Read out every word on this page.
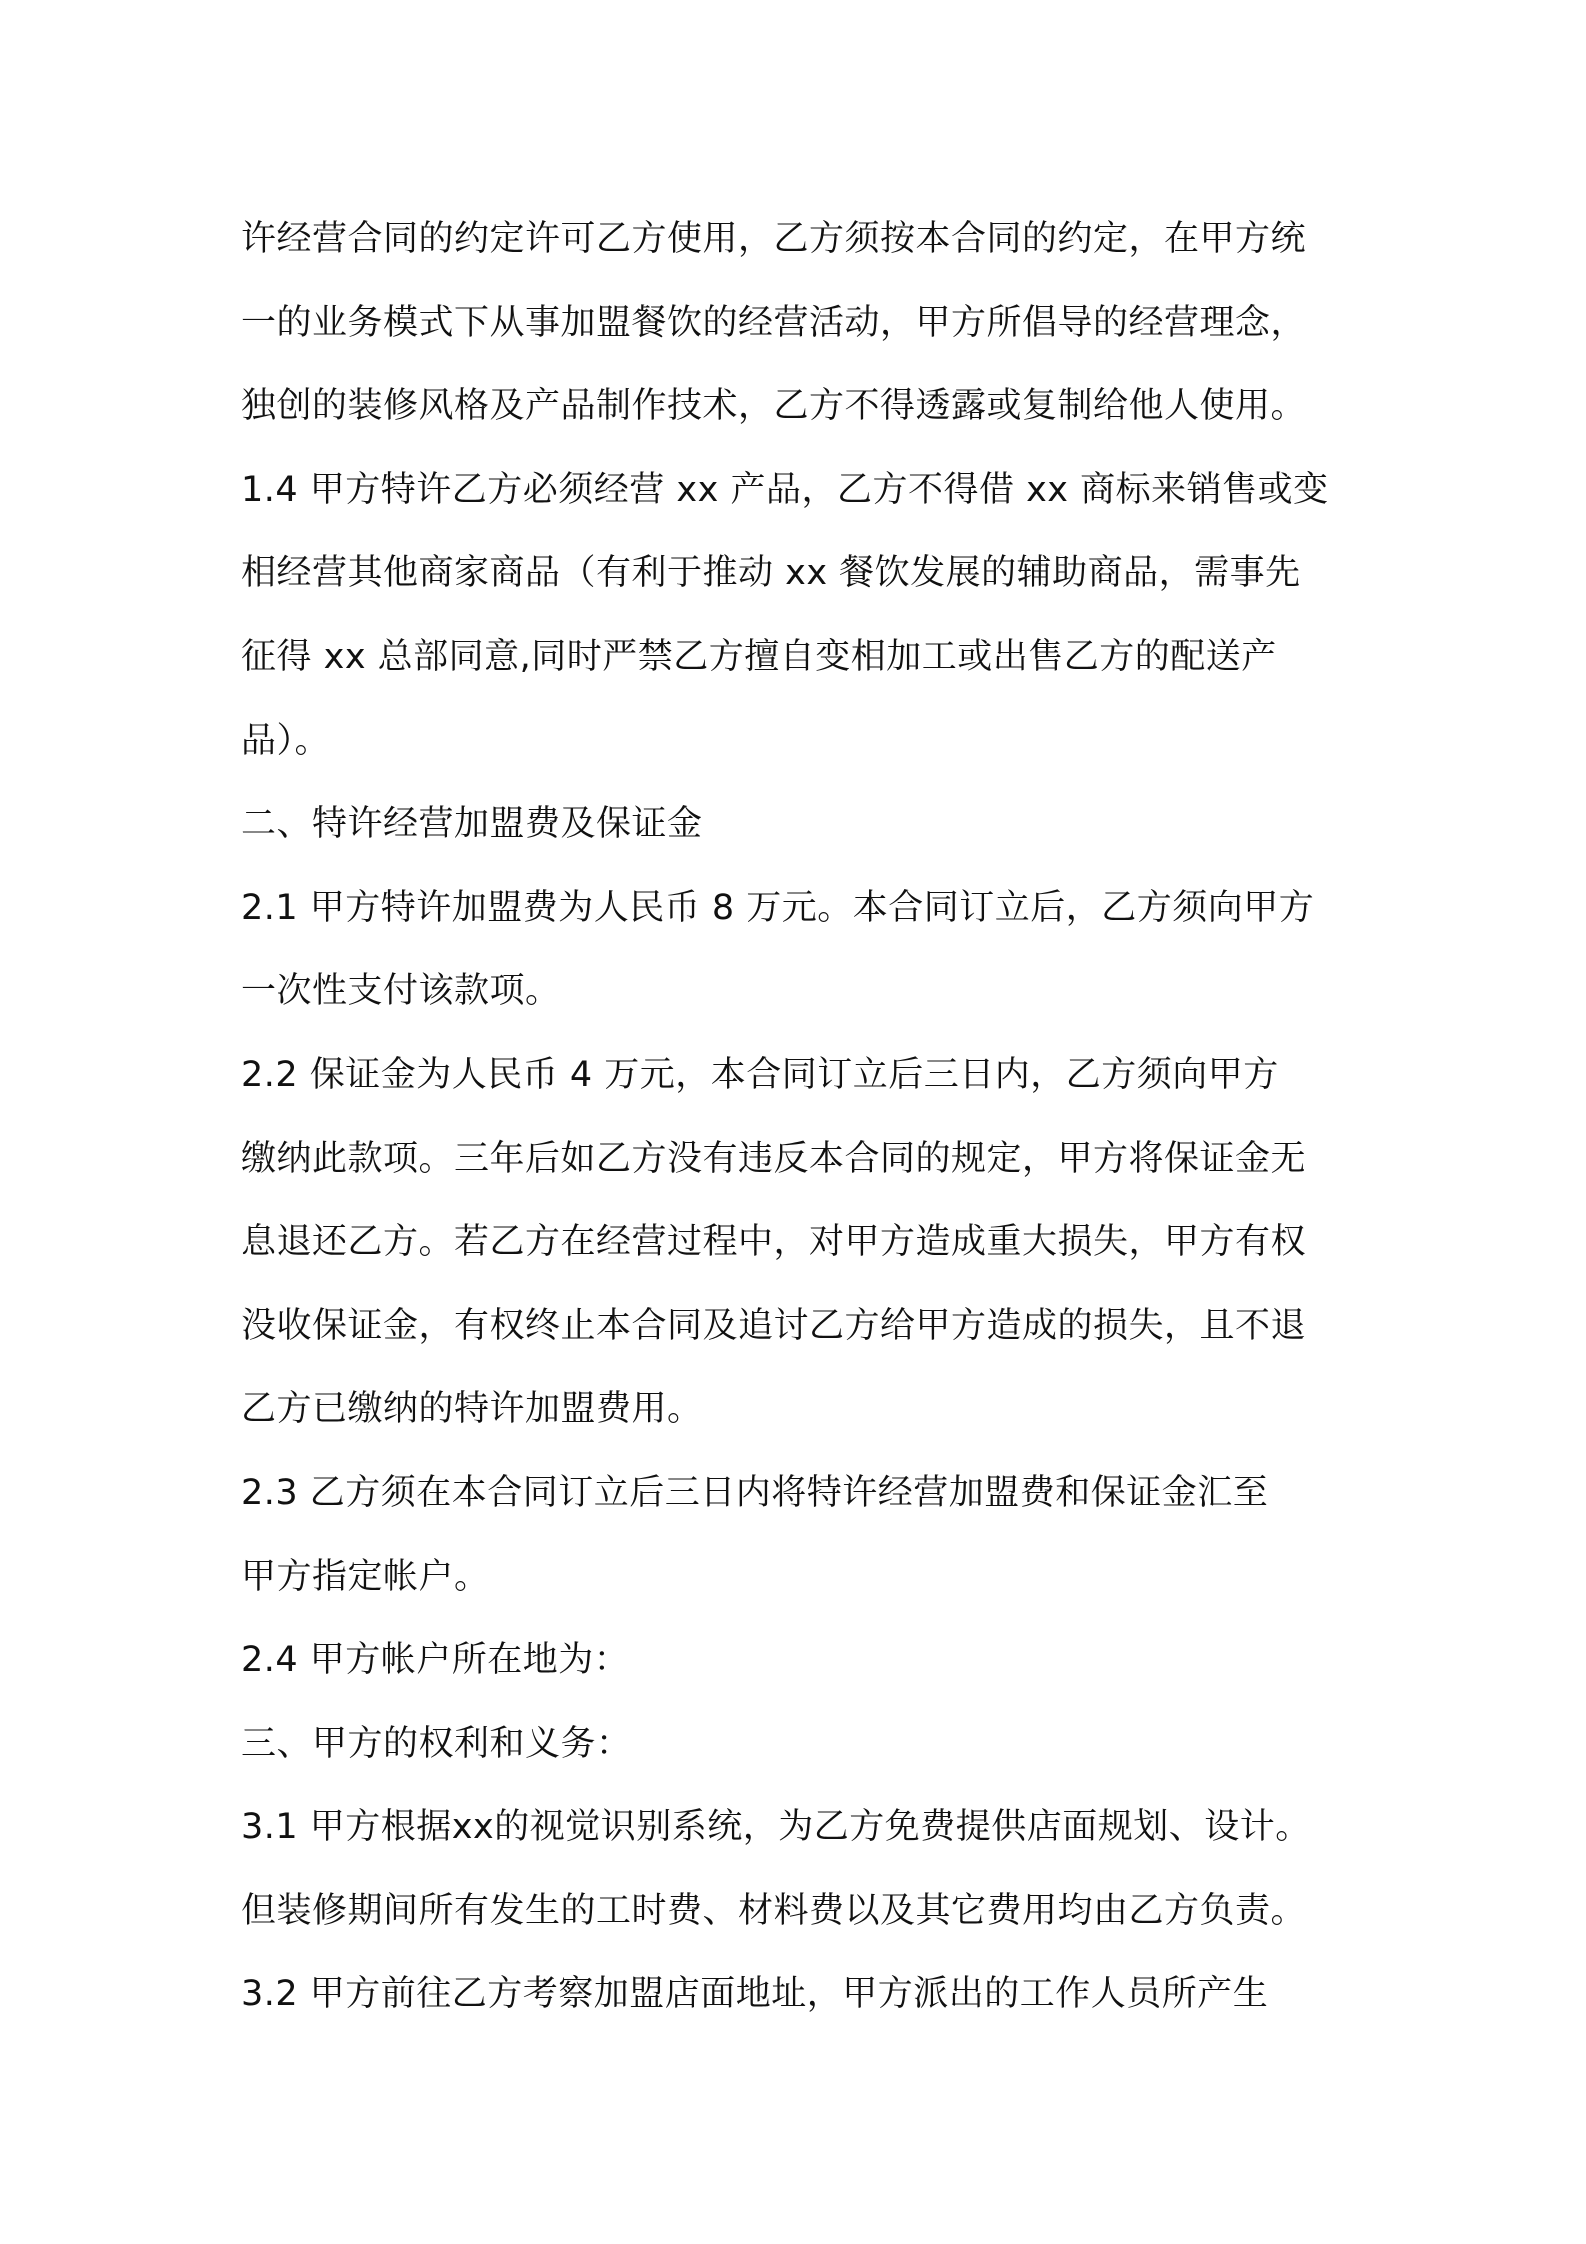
许经营合同的约定许可乙方使用，乙方须按本合同的约定，在甲方统
一的业务模式下从事加盟餐饮的经营活动，甲方所倡导的经营理念，
独创的装修风格及产品制作技术，乙方不得透露或复制给他人使用。
1.4 甲方特许乙方必须经营 xx 产品，乙方不得借 xx 商标来销售或变
相经营其他商家商品（有利于推动 xx 餐饮发展的辅助商品，需事先
征得 xx 总部同意,同时严禁乙方擅自变相加工或出售乙方的配送产
品）。
二、特许经营加盟费及保证金
2.1 甲方特许加盟费为人民币 8 万元。本合同订立后，乙方须向甲方
一次性支付该款项。
2.2 保证金为人民币 4 万元，本合同订立后三日内，乙方须向甲方
缴纳此款项。三年后如乙方没有违反本合同的规定，甲方将保证金无
息退还乙方。若乙方在经营过程中，对甲方造成重大损失，甲方有权
没收保证金，有权终止本合同及追讨乙方给甲方造成的损失，且不退
乙方已缴纳的特许加盟费用。
2.3 乙方须在本合同订立后三日内将特许经营加盟费和保证金汇至
甲方指定帐户。
2.4 甲方帐户所在地为：
三、甲方的权利和义务：
3.1 甲方根据xx的视觉识别系统，为乙方免费提供店面规划、设计。
但装修期间所有发生的工时费、材料费以及其它费用均由乙方负责。
3.2 甲方前往乙方考察加盟店面地址，甲方派出的工作人员所产生
